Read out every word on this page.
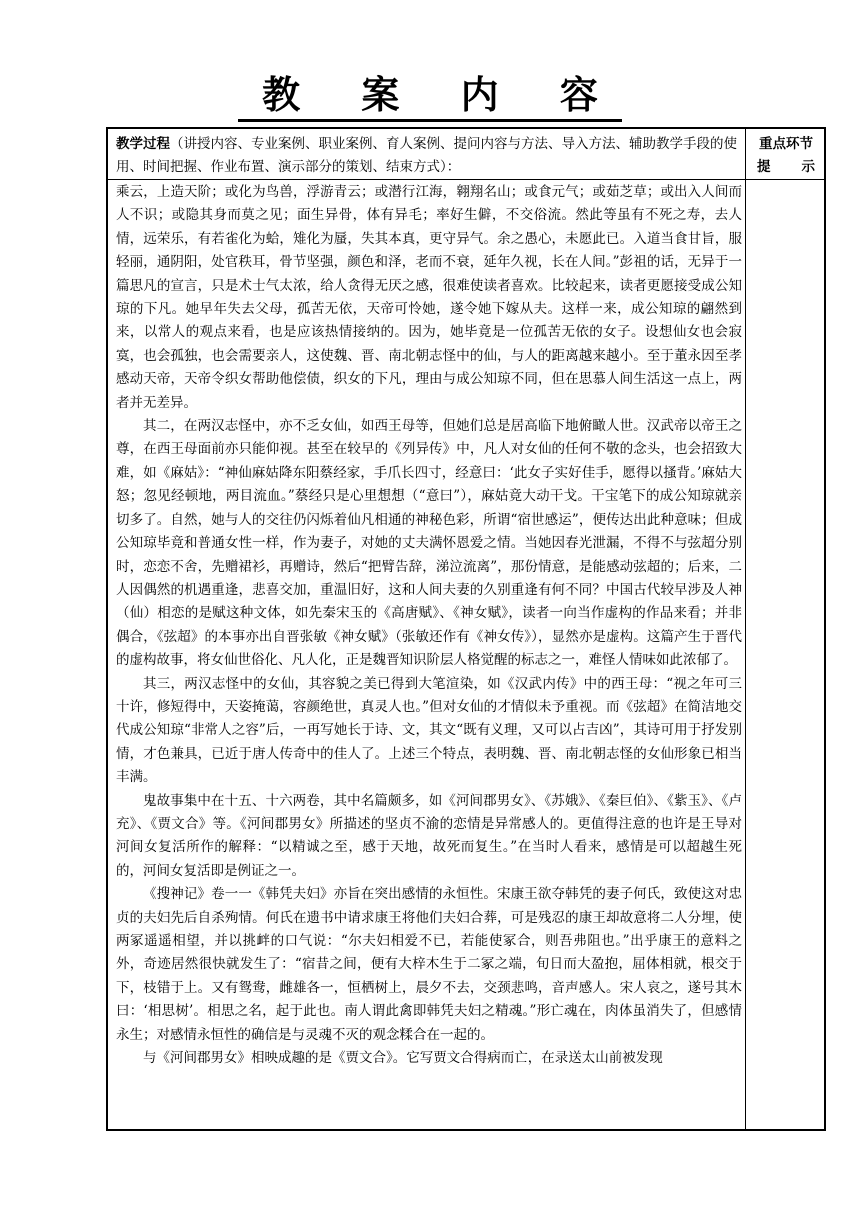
教 案 内 容
教学过程（讲授内容、专业案例、职业案例、育人案例、提问内容与方法、导入方法、辅助教学手段的使用、时间把握、作业布置、演示部分的策划、结束方式）：
重点环节
提 示

乘云，上造天阶；或化为鸟兽，浮游青云；或潜行江海，翱翔名山；或食元气；或茹芝草；或出入人间而人不识；或隐其身而莫之见；面生异骨，体有异毛；率好生僻，不交俗流。然此等虽有不死之寿，去人情，远荣乐，有若雀化为蛤，雉化为蜃，失其本真，更守异气。余之愚心，未愿此已。入道当食甘旨，服轻丽，通阴阳，处官秩耳，骨节坚强，颜色和泽，老而不衰，延年久视，长在人间。”彭祖的话，无异于一篇思凡的宣言，只是术士气太浓，给人贪得无厌之感，很难使读者喜欢。比较起来，读者更愿接受成公知琼的下凡。她早年失去父母，孤苦无依，天帝可怜她，遂令她下嫁从夫。这样一来，成公知琼的翩然到来，以常人的观点来看，也是应该热情接纳的。因为，她毕竟是一位孤苦无依的女子。设想仙女也会寂寞，也会孤独，也会需要亲人，这使魏、晋、南北朝志怪中的仙，与人的距离越来越小。至于董永因至孝感动天帝，天帝令织女帮助他偿债，织女的下凡，理由与成公知琼不同，但在思慕人间生活这一点上，两者并无差异。

其二，在两汉志怪中，亦不乏女仙，如西王母等，但她们总是居高临下地俯瞰人世。汉武帝以帝王之尊，在西王母面前亦只能仰视。甚至在较早的《列异传》中，凡人对女仙的任何不敬的念头，也会招致大难，如《麻姑》：“神仙麻姑降东阳蔡经家，手爪长四寸，经意曰：‘此女子实好佳手，愿得以搔背。’麻姑大怒；忽见经顿地，两目流血。”蔡经只是心里想想（“意曰”），麻姑竟大动干戈。干宝笔下的成公知琼就亲切多了。自然，她与人的交往仍闪烁着仙凡相通的神秘色彩，所谓“宿世感运”，便传达出此种意味；但成公知琼毕竟和普通女性一样，作为妻子，对她的丈夫满怀恩爱之情。当她因春光泄漏，不得不与弦超分别时，恋恋不舍，先赠裙衫，再赠诗，然后“把臂告辞，涕泣流离”，那份情意，是能感动弦超的；后来，二人因偶然的机遇重逢，悲喜交加，重温旧好，这和人间夫妻的久别重逢有何不同？中国古代较早涉及人神（仙）相恋的是赋这种文体，如先秦宋玉的《高唐赋》、《神女赋》，读者一向当作虚构的作品来看；并非偶合，《弦超》的本事亦出自晋张敏《神女赋》（张敏还作有《神女传》），显然亦是虚构。这篇产生于晋代的虚构故事，将女仙世俗化、凡人化，正是魏晋知识阶层人格觉醒的标志之一，难怪人情味如此浓郁了。

其三，两汉志怪中的女仙，其容貌之美已得到大笔渲染，如《汉武内传》中的西王母：“视之年可三十许，修短得中，天姿掩蔼，容颜绝世，真灵人也。”但对女仙的才情似未予重视。而《弦超》在简洁地交代成公知琼“非常人之容”后，一再写她长于诗、文，其文“既有义理，又可以占吉凶”，其诗可用于抒发别情，才色兼具，已近于唐人传奇中的佳人了。上述三个特点，表明魏、晋、南北朝志怪的女仙形象已相当丰满。

鬼故事集中在十五、十六两卷，其中名篇颇多，如《河间郡男女》、《苏娥》、《秦巨伯》、《紫玉》、《卢充》、《贾文合》等。《河间郡男女》所描述的坚贞不渝的恋情是异常感人的。更值得注意的也许是王导对河间女复活所作的解释：“以精诚之至，感于天地，故死而复生。”在当时人看来，感情是可以超越生死的，河间女复活即是例证之一。

《搜神记》卷一一《韩凭夫妇》亦旨在突出感情的永恒性。宋康王欲夺韩凭的妻子何氏，致使这对忠贞的夫妇先后自杀殉情。何氏在遗书中请求康王将他们夫妇合葬，可是残忍的康王却故意将二人分埋，使两冢遥遥相望，并以挑衅的口气说：“尔夫妇相爱不已，若能使冢合，则吾弗阻也。”出乎康王的意料之外，奇迹居然很快就发生了：“宿昔之间，便有大梓木生于二冢之端，旬日而大盈抱，屈体相就，根交于下，枝错于上。又有鸳鸯，雌雄各一，恒栖树上，晨夕不去，交颈悲鸣，音声感人。宋人哀之，遂号其木曰：‘相思树’。相思之名，起于此也。南人谓此禽即韩凭夫妇之精魂。”形亡魂在，肉体虽消失了，但感情永生；对感情永恒性的确信是与灵魂不灭的观念糅合在一起的。

与《河间郡男女》相映成趣的是《贾文合》。它写贾文合得病而亡，在录送太山前被发现
